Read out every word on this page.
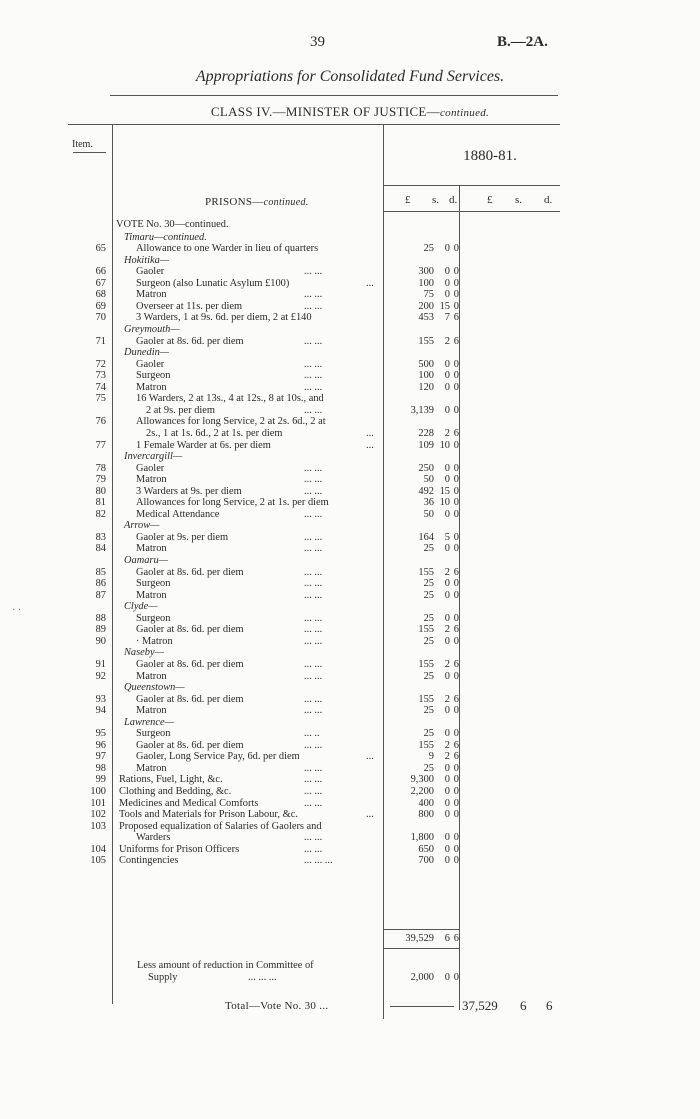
39	B.—2A.
Appropriations for Consolidated Fund Services.
CLASS IV.—MINISTER OF JUSTICE—continued.
Item.
1880-81.
PRISONS—continued.	£ s. d.	£ s. d.
VOTE No. 30—continued.
Timaru—continued.
65	Allowance to one Warder in lieu of quarters	25	0 0
Hokitika—
66	Gaoler	... ...	300	0 0
67	Surgeon (also Lunatic Asylum £100)	...	100	0 0
68	Matron	... ...	75	0 0
69	Overseer at 11s. per diem	... ...	200 15 0
70	3 Warders, 1 at 9s. 6d. per diem, 2 at £140	453	7 6
Greymouth—
71	Gaoler at 8s. 6d. per diem	... ...	155	2 6
Dunedin—
72	Gaoler	... ...	500	0 0
73	Surgeon	... ...	100	0 0
74	Matron	... ...	120	0 0
75	16 Warders, 2 at 13s., 4 at 12s., 8 at 10s., and
2 at 9s. per diem	... ...	3,139	0 0
76	Allowances for long Service, 2 at 2s. 6d., 2 at
2s., 1 at 1s. 6d., 2 at 1s. per diem	...	228	2 6
77	1 Female Warder at 6s. per diem	...	109 10 0
Invercargill—
78	Gaoler	... ...	250	0 0
79	Matron	... ...	50	0 0
80	3 Warders at 9s. per diem	... ...	492 15 0
81	Allowances for long Service, 2 at 1s. per diem	36 10 0
82	Medical Attendance	... ...	50	0 0
Arrow—
83	Gaoler at 9s. per diem	... ...	164	5 0
84	Matron	... ...	25	0 0
Oamaru—
85	Gaoler at 8s. 6d. per diem	... ...	155	2 6
86	Surgeon	... ...	25	0 0
87	Matron	... ...	25	0 0
Clyde—
88	Surgeon	... ...	25	0 0
89	Gaoler at 8s. 6d. per diem	... ...	155	2 6
90	· Matron	... ...	25	0 0
Naseby—
91	Gaoler at 8s. 6d. per diem	... ...	155	2 6
92	Matron	... ...	25	0 0
Queenstown—
93	Gaoler at 8s. 6d. per diem	... ...	155	2 6
94	Matron	... ...	25	0 0
Lawrence—
95	Surgeon	... ..	25	0 0
96	Gaoler at 8s. 6d. per diem	... ...	155	2 6
97	Gaoler, Long Service Pay, 6d. per diem	...	9	2 6
98	Matron	... ...	25	0 0
99 Rations, Fuel, Light, &c.	... ...	9,300	0 0
100 Clothing and Bedding, &c.	... ...	2,200	0 0
101 Medicines and Medical Comforts	... ...	400	0 0
102 Tools and Materials for Prison Labour, &c.	...	800	0 0
103 Proposed equalization of Salaries of Gaolers and
Warders	... ...	1,800	0 0
104 Uniforms for Prison Officers	... ...	650	0 0
105 Contingencies	... ... ...	700	0 0
39,529	6 6
Less amount of reduction in Committee of
Supply	... ... ...	2,000	0 0
Total—Vote No. 30 ...	37,529 6 6
· ·
